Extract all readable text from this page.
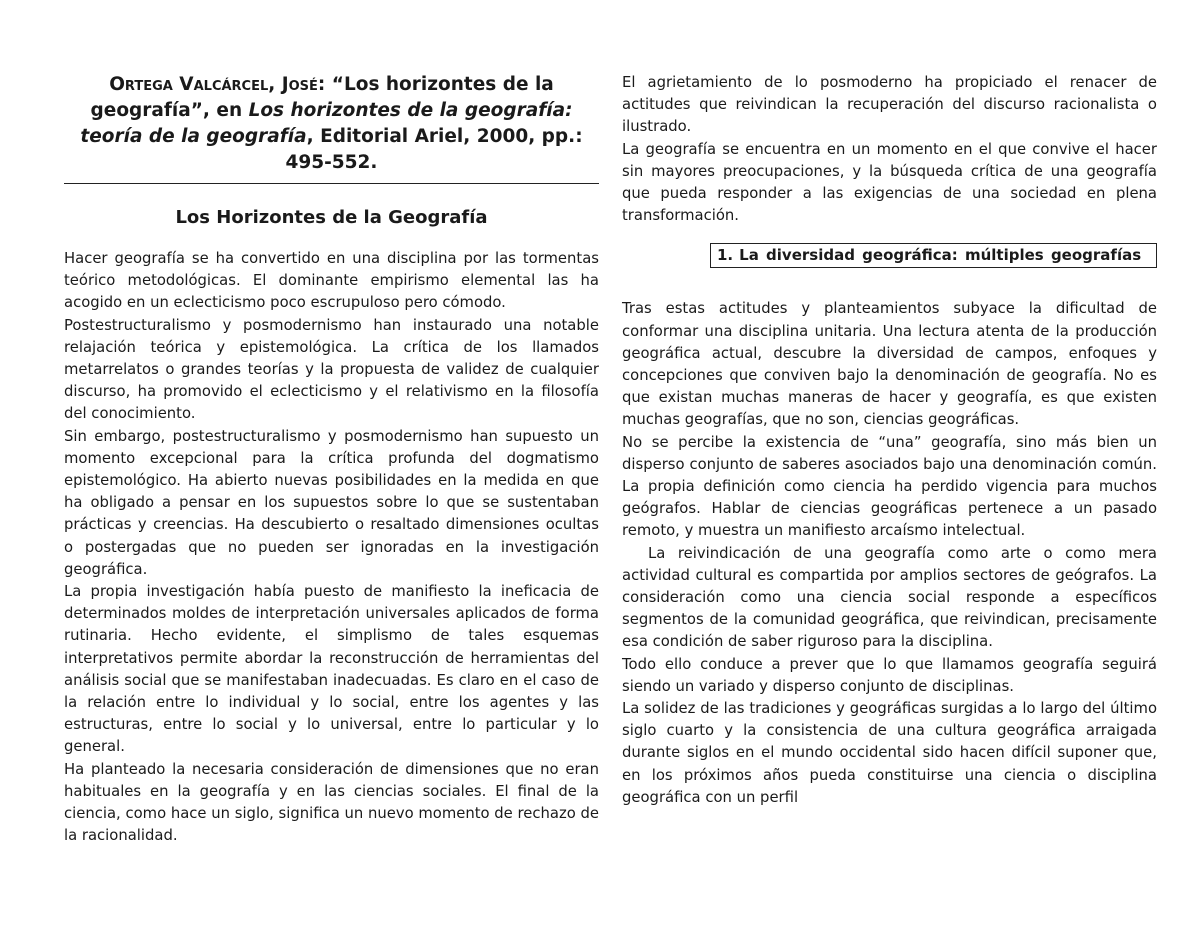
Ortega Valcárcel, José: “Los horizontes de la geografía”, en Los horizontes de la geografía: teoría de la geografía, Editorial Ariel, 2000, pp.: 495-552.

Los Horizontes de la Geografía

Hacer geografía se ha convertido en una disciplina por las tormentas teórico metodológicas. El dominante empirismo elemental las ha acogido en un eclecticismo poco escrupuloso pero cómodo.

Postestructuralismo y posmodernismo han instaurado una notable relajación teórica y epistemológica. La crítica de los llamados metarrelatos o grandes teorías y la propuesta de validez de cualquier discurso, ha promovido el eclecticismo y el relativismo en la filosofía del conocimiento.

Sin embargo, postestructuralismo y posmodernismo han supuesto un momento excepcional para la crítica profunda del dogmatismo epistemológico. Ha abierto nuevas posibilidades en la medida en que ha obligado a pensar en los supuestos sobre lo que se sustentaban prácticas y creencias. Ha descubierto o resaltado dimensiones ocultas o postergadas que no pueden ser ignoradas en la investigación geográfica.

La propia investigación había puesto de manifiesto la ineficacia de determinados moldes de interpretación universales aplicados de forma rutinaria. Hecho evidente, el simplismo de tales esquemas interpretativos permite abordar la reconstrucción de herramientas del análisis social que se manifestaban inadecuadas. Es claro en el caso de la relación entre lo individual y lo social, entre los agentes y las estructuras, entre lo social y lo universal, entre lo particular y lo general.

Ha planteado la necesaria consideración de dimensiones que no eran habituales en la geografía y en las ciencias sociales. El final de la ciencia, como hace un siglo, significa un nuevo momento de rechazo de la racionalidad.

El agrietamiento de lo posmoderno ha propiciado el renacer de actitudes que reivindican la recuperación del discurso racionalista o ilustrado.

La geografía se encuentra en un momento en el que convive el hacer sin mayores preocupaciones, y la búsqueda crítica de una geografía que pueda responder a las exigencias de una sociedad en plena transformación.

1. La diversidad geográfica: múltiples geografías

Tras estas actitudes y planteamientos subyace la dificultad de conformar una disciplina unitaria. Una lectura atenta de la producción geográfica actual, descubre la diversidad de campos, enfoques y concepciones que conviven bajo la denominación de geografía. No es que existan muchas maneras de hacer y geografía, es que existen muchas geografías, que no son, ciencias geográficas.

No se percibe la existencia de “una” geografía, sino más bien un disperso conjunto de saberes asociados bajo una denominación común. La propia definición como ciencia ha perdido vigencia para muchos geógrafos. Hablar de ciencias geográficas pertenece a un pasado remoto, y muestra un manifiesto arcaísmo intelectual.

La reivindicación de una geografía como arte o como mera actividad cultural es compartida por amplios sectores de geógrafos. La consideración como una ciencia social responde a específicos segmentos de la comunidad geográfica, que reivindican, precisamente esa condición de saber riguroso para la disciplina.

Todo ello conduce a prever que lo que llamamos geografía seguirá siendo un variado y disperso conjunto de disciplinas.

La solidez de las tradiciones y geográficas surgidas a lo largo del último siglo cuarto y la consistencia de una cultura geográfica arraigada durante siglos en el mundo occidental sido hacen difícil suponer que, en los próximos años pueda constituirse una ciencia o disciplina geográfica con un perfil
